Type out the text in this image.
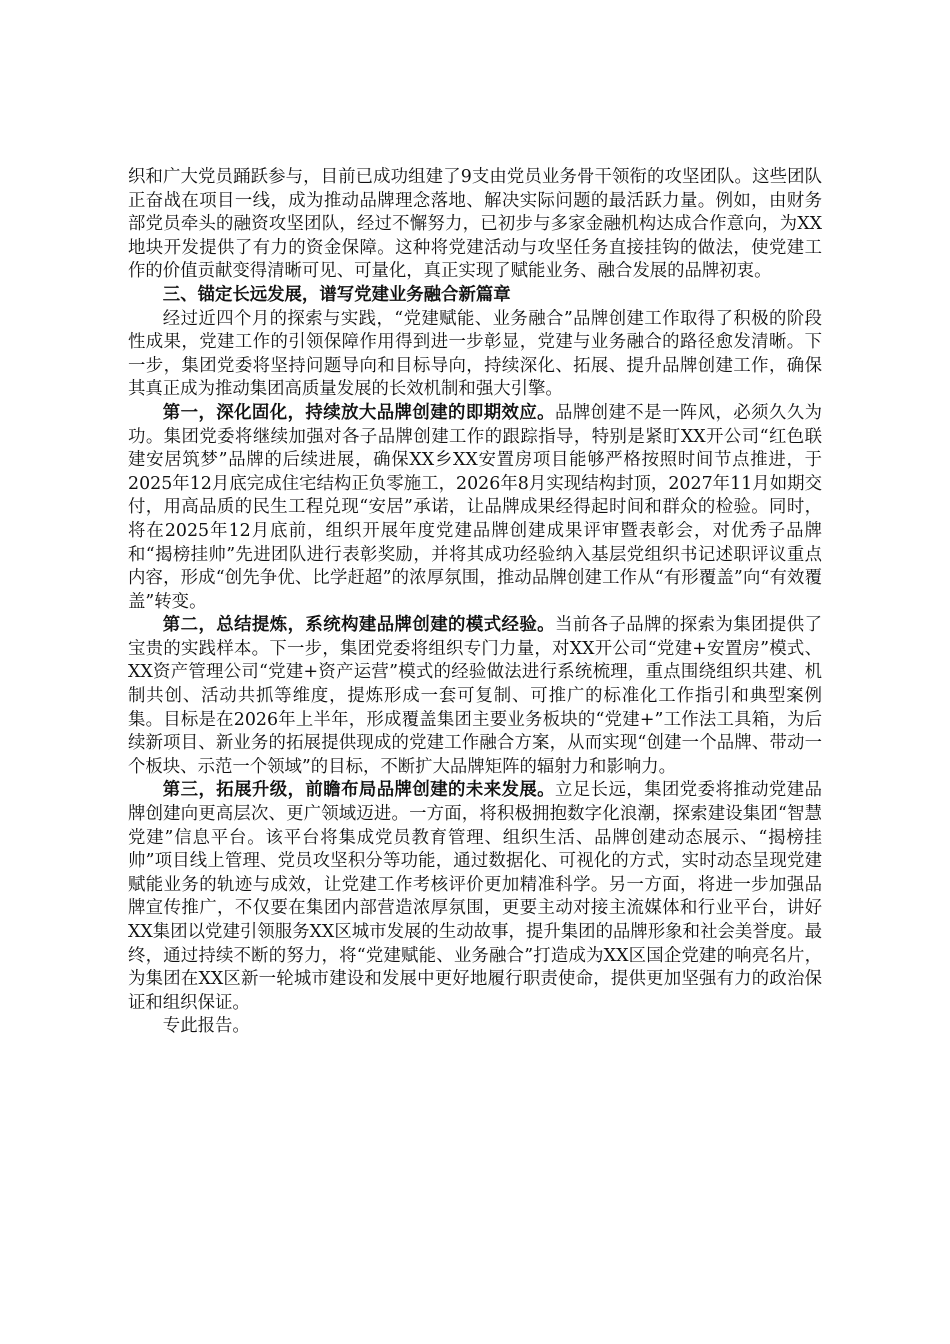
织和广大党员踊跃参与，目前已成功组建了9支由党员业务骨干领衔的攻坚团队。这些团队正奋战在项目一线，成为推动品牌理念落地、解决实际问题的最活跃力量。例如，由财务部党员牵头的融资攻坚团队，经过不懈努力，已初步与多家金融机构达成合作意向，为XX地块开发提供了有力的资金保障。这种将党建活动与攻坚任务直接挂钩的做法，使党建工作的价值贡献变得清晰可见、可量化，真正实现了赋能业务、融合发展的品牌初衷。

三、锚定长远发展，谱写党建业务融合新篇章

经过近四个月的探索与实践，“党建赋能、业务融合”品牌创建工作取得了积极的阶段性成果，党建工作的引领保障作用得到进一步彰显，党建与业务融合的路径愈发清晰。下一步，集团党委将坚持问题导向和目标导向，持续深化、拓展、提升品牌创建工作，确保其真正成为推动集团高质量发展的长效机制和强大引擎。

第一，深化固化，持续放大品牌创建的即期效应。品牌创建不是一阵风，必须久久为功。集团党委将继续加强对各子品牌创建工作的跟踪指导，特别是紧盯XX开公司“红色联建安居筑梦”品牌的后续进展，确保XX乡XX安置房项目能够严格按照时间节点推进，于2025年12月底完成住宅结构正负零施工，2026年8月实现结构封顶，2027年11月如期交付，用高品质的民生工程兑现“安居”承诺，让品牌成果经得起时间和群众的检验。同时，将在2025年12月底前，组织开展年度党建品牌创建成果评审暨表彰会，对优秀子品牌和“揭榜挂帅”先进团队进行表彰奖励，并将其成功经验纳入基层党组织书记述职评议重点内容，形成“创先争优、比学赶超”的浓厚氛围，推动品牌创建工作从“有形覆盖”向“有效覆盖”转变。

第二，总结提炼，系统构建品牌创建的模式经验。当前各子品牌的探索为集团提供了宝贵的实践样本。下一步，集团党委将组织专门力量，对XX开公司“党建+安置房”模式、XX资产管理公司“党建+资产运营”模式的经验做法进行系统梳理，重点围绕组织共建、机制共创、活动共抓等维度，提炼形成一套可复制、可推广的标准化工作指引和典型案例集。目标是在2026年上半年，形成覆盖集团主要业务板块的“党建+”工作法工具箱，为后续新项目、新业务的拓展提供现成的党建工作融合方案，从而实现“创建一个品牌、带动一个板块、示范一个领域”的目标，不断扩大品牌矩阵的辐射力和影响力。

第三，拓展升级，前瞻布局品牌创建的未来发展。立足长远，集团党委将推动党建品牌创建向更高层次、更广领域迈进。一方面，将积极拥抱数字化浪潮，探索建设集团“智慧党建”信息平台。该平台将集成党员教育管理、组织生活、品牌创建动态展示、“揭榜挂帅”项目线上管理、党员攻坚积分等功能，通过数据化、可视化的方式，实时动态呈现党建赋能业务的轨迹与成效，让党建工作考核评价更加精准科学。另一方面，将进一步加强品牌宣传推广，不仅要在集团内部营造浓厚氛围，更要主动对接主流媒体和行业平台，讲好XX集团以党建引领服务XX区城市发展的生动故事，提升集团的品牌形象和社会美誉度。最终，通过持续不断的努力，将“党建赋能、业务融合”打造成为XX区国企党建的响亮名片，为集团在XX区新一轮城市建设和发展中更好地履行职责使命，提供更加坚强有力的政治保证和组织保证。

专此报告。
